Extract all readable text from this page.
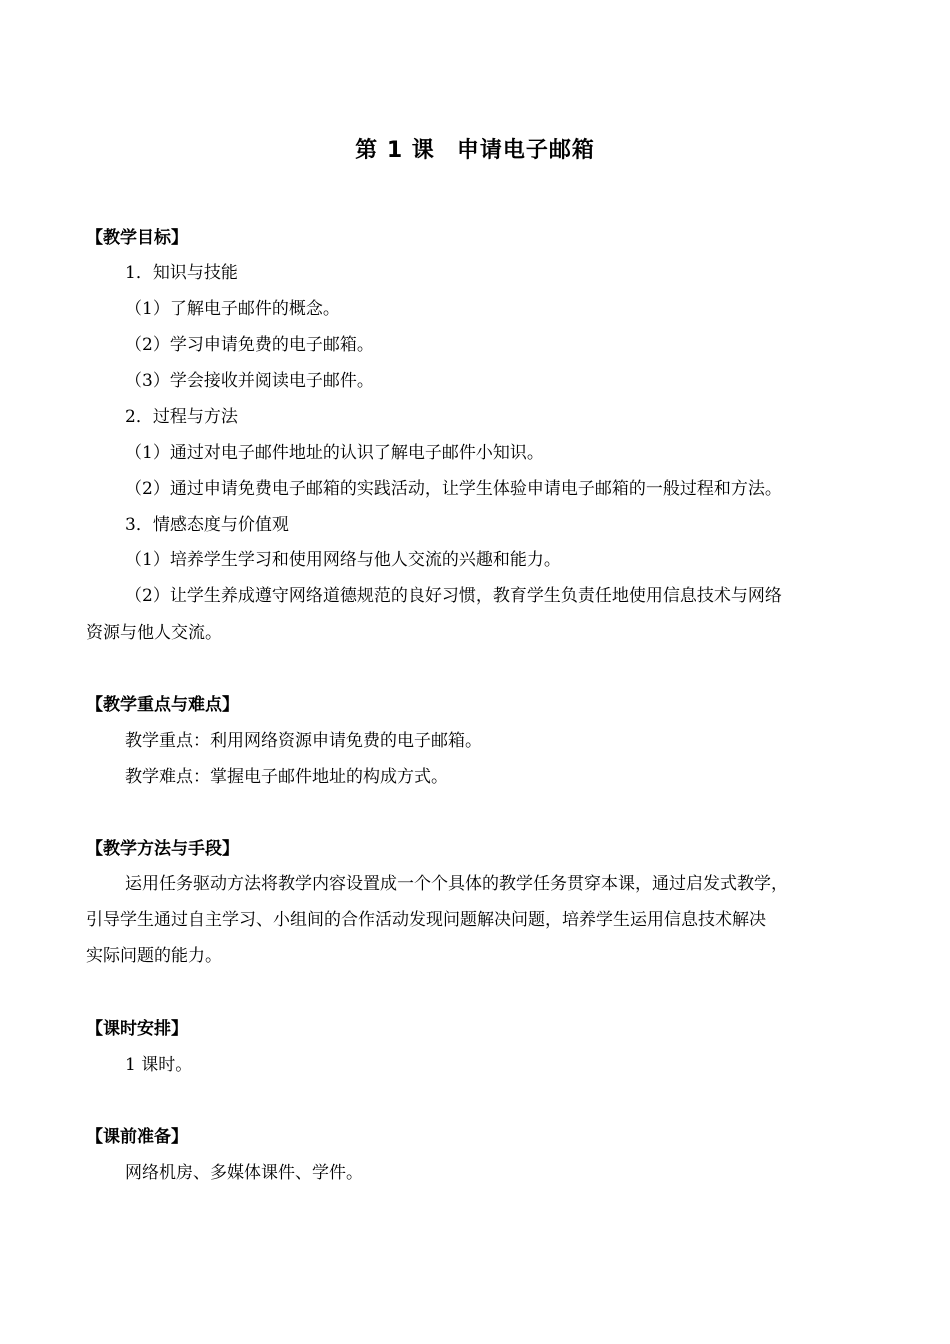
第 1 课 申请电子邮箱
【教学目标】
1．知识与技能
（1）了解电子邮件的概念。
（2）学习申请免费的电子邮箱。
（3）学会接收并阅读电子邮件。
2．过程与方法
（1）通过对电子邮件地址的认识了解电子邮件小知识。
（2）通过申请免费电子邮箱的实践活动，让学生体验申请电子邮箱的一般过程和方法。
3．情感态度与价值观
（1）培养学生学习和使用网络与他人交流的兴趣和能力。
（2）让学生养成遵守网络道德规范的良好习惯，教育学生负责任地使用信息技术与网络
资源与他人交流。
【教学重点与难点】
教学重点：利用网络资源申请免费的电子邮箱。
教学难点：掌握电子邮件地址的构成方式。
【教学方法与手段】
运用任务驱动方法将教学内容设置成一个个具体的教学任务贯穿本课，通过启发式教学，
引导学生通过自主学习、小组间的合作活动发现问题解决问题，培养学生运用信息技术解决
实际问题的能力。
【课时安排】
1 课时。
【课前准备】
网络机房、多媒体课件、学件。
